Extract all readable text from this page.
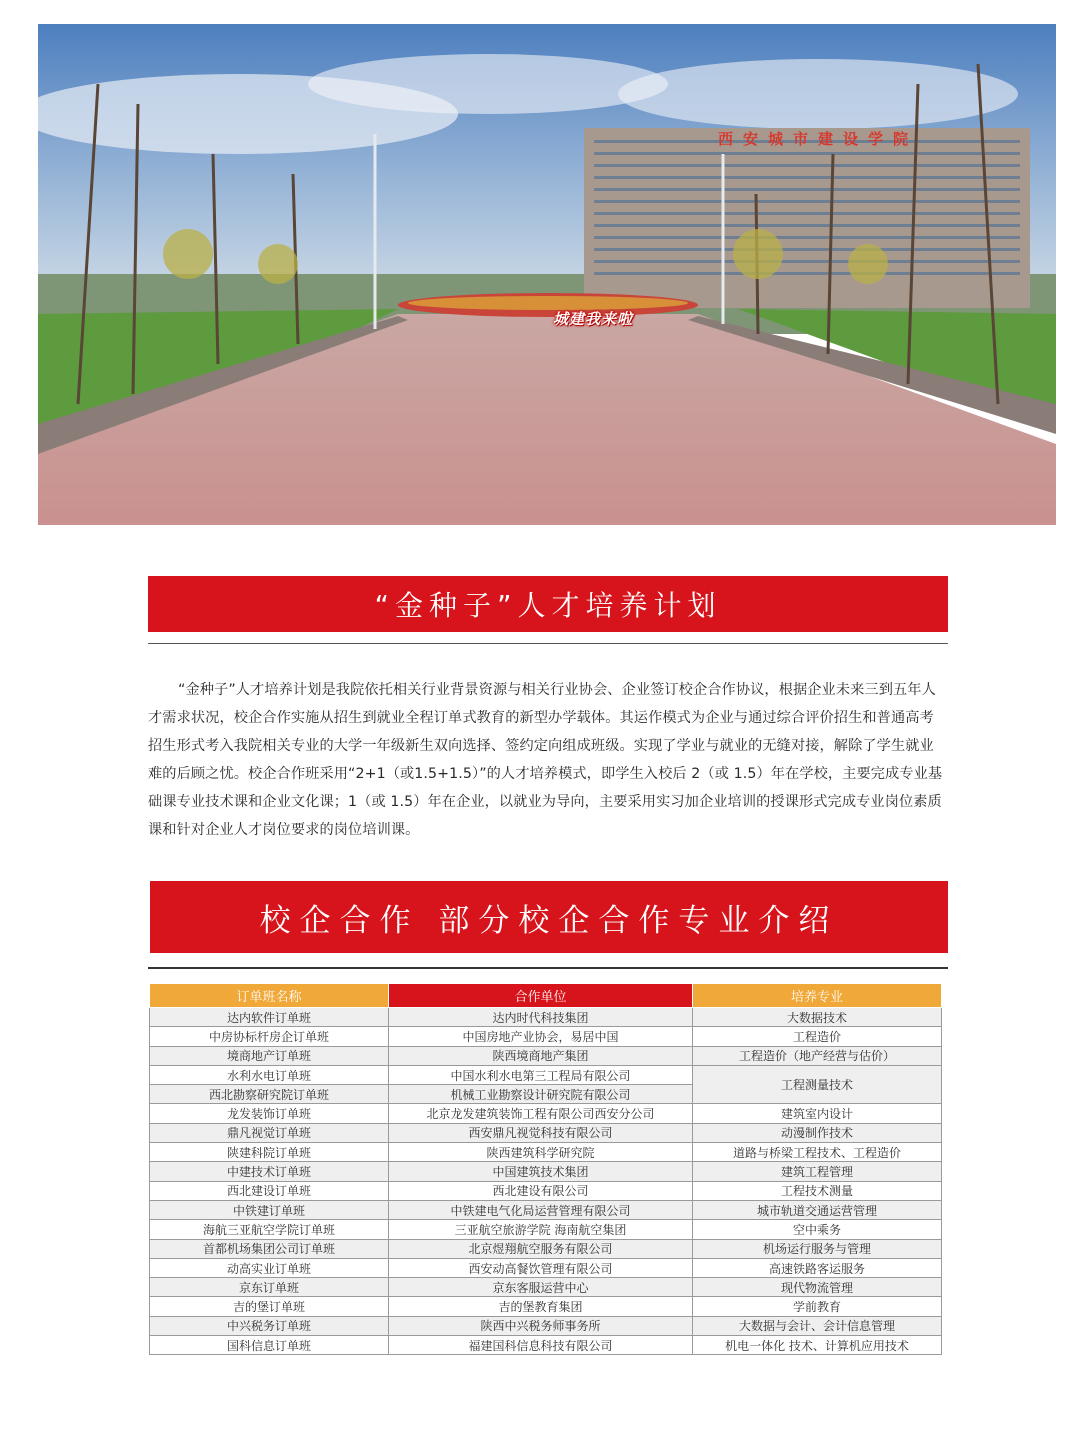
西安城市建设学院
城建我来啦
“金种子”人才培养计划

“金种子”人才培养计划是我院依托相关行业背景资源与相关行业协会、企业签订校企合作协议，根据企业未来三到五年人才需求状况，校企合作实施从招生到就业全程订单式教育的新型办学载体。其运作模式为企业与通过综合评价招生和普通高考招生形式考入我院相关专业的大学一年级新生双向选择、签约定向组成班级。实现了学业与就业的无缝对接，解除了学生就业难的后顾之忧。校企合作班采用“2+1（或1.5+1.5）”的人才培养模式，即学生入校后 2（或 1.5）年在学校，主要完成专业基础课专业技术课和企业文化课；1（或 1.5）年在企业，以就业为导向，主要采用实习加企业培训的授课形式完成专业岗位素质课和针对企业人才岗位要求的岗位培训课。

校企合作 部分校企合作专业介绍
订单班名称	合作单位	培养专业
达内软件订单班	达内时代科技集团	大数据技术
中房协标杆房企订单班	中国房地产业协会，易居中国	工程造价
境商地产订单班	陕西境商地产集团	工程造价（地产经营与估价）
水利水电订单班	中国水利水电第三工程局有限公司	工程测量技术
西北勘察研究院订单班	机械工业勘察设计研究院有限公司	
龙发装饰订单班	北京龙发建筑装饰工程有限公司西安分公司	建筑室内设计
鼎凡视觉订单班	西安鼎凡视觉科技有限公司	动漫制作技术
陕建科院订单班	陕西建筑科学研究院	道路与桥梁工程技术、工程造价
中建技术订单班	中国建筑技术集团	建筑工程管理
西北建设订单班	西北建设有限公司	工程技术测量
中铁建订单班	中铁建电气化局运营管理有限公司	城市轨道交通运营管理
海航三亚航空学院订单班	三亚航空旅游学院 海南航空集团	空中乘务
首都机场集团公司订单班	北京煜翔航空服务有限公司	机场运行服务与管理
动高实业订单班	西安动高餐饮管理有限公司	高速铁路客运服务
京东订单班	京东客服运营中心	现代物流管理
吉的堡订单班	吉的堡教育集团	学前教育
中兴税务订单班	陕西中兴税务师事务所	大数据与会计、会计信息管理
国科信息订单班	福建国科信息科技有限公司	机电一体化 技术、计算机应用技术
